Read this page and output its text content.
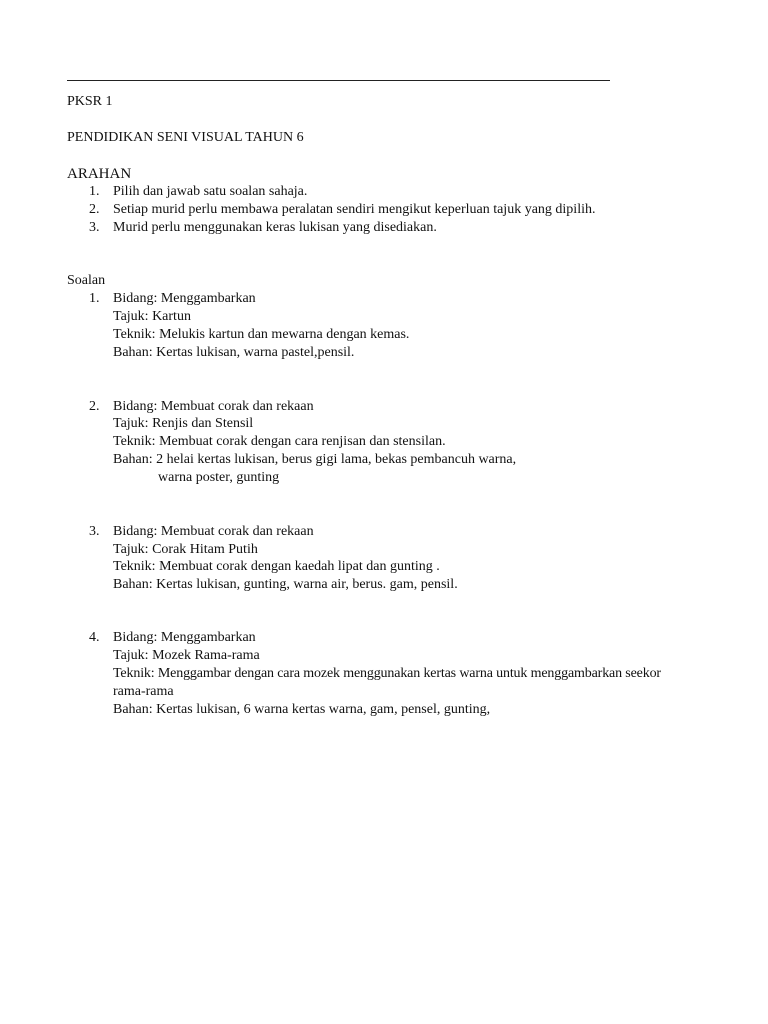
PKSR 1
PENDIDIKAN SENI VISUAL TAHUN 6
ARAHAN
1. Pilih dan jawab satu soalan sahaja.
2. Setiap murid perlu membawa peralatan sendiri mengikut keperluan tajuk yang dipilih.
3. Murid perlu menggunakan keras lukisan yang disediakan.
Soalan
1. Bidang: Menggambarkan
Tajuk: Kartun
Teknik: Melukis kartun dan mewarna dengan kemas.
Bahan: Kertas lukisan, warna pastel,pensil.
2. Bidang: Membuat corak dan rekaan
Tajuk: Renjis dan Stensil
Teknik: Membuat corak dengan cara renjisan dan stensilan.
Bahan: 2 helai kertas lukisan, berus gigi lama, bekas pembancuh warna,
warna poster, gunting
3. Bidang: Membuat corak dan rekaan
Tajuk: Corak Hitam Putih
Teknik: Membuat corak dengan kaedah lipat dan gunting .
Bahan: Kertas lukisan, gunting, warna air, berus. gam, pensil.
4. Bidang: Menggambarkan
Tajuk: Mozek Rama-rama
Teknik: Menggambar dengan cara mozek menggunakan kertas warna untuk menggambarkan seekor
rama-rama
Bahan: Kertas lukisan, 6 warna kertas warna, gam, pensel, gunting,
